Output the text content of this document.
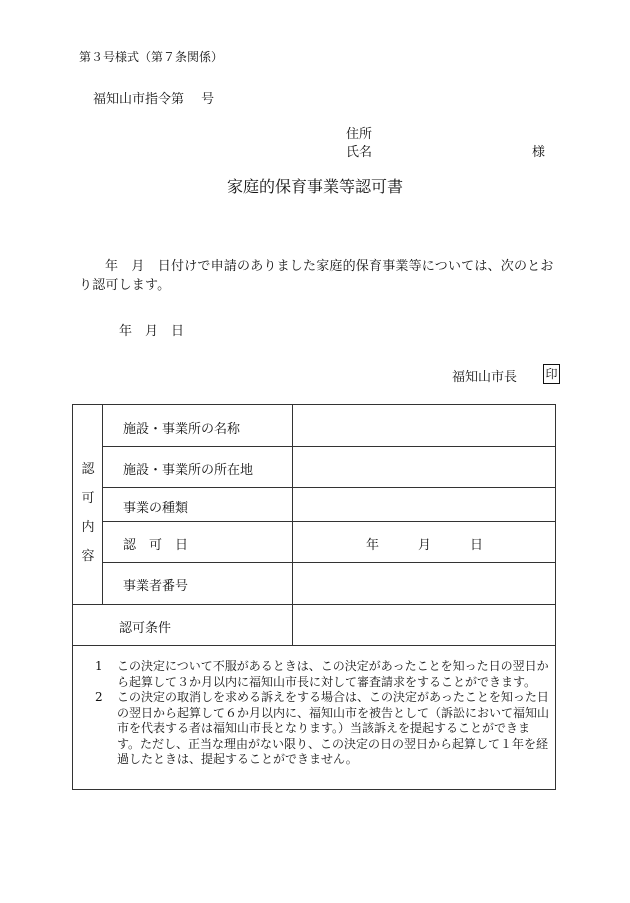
第３号様式（第７条関係）
福知山市指令第　 号
住所
氏名	様
家庭的保育事業等認可書
年　月　日付けで申請のありました家庭的保育事業等については、次のとおり認可します。
年　月　日
福知山市長 印
認可内容
施設・事業所の名称
施設・事業所の所在地
事業の種類
認　可　日	年　　　月　　　日
事業者番号
認可条件

1 この決定について不服があるときは、この決定があったことを知った日の翌日から起算して３か月以内に福知山市長に対して審査請求をすることができます。

2 この決定の取消しを求める訴えをする場合は、この決定があったことを知った日の翌日から起算して６か月以内に、福知山市を被告として（訴訟において福知山市を代表する者は福知山市長となります。）当該訴えを提起することができます。ただし、正当な理由がない限り、この決定の日の翌日から起算して１年を経過したときは、提起することができません。
